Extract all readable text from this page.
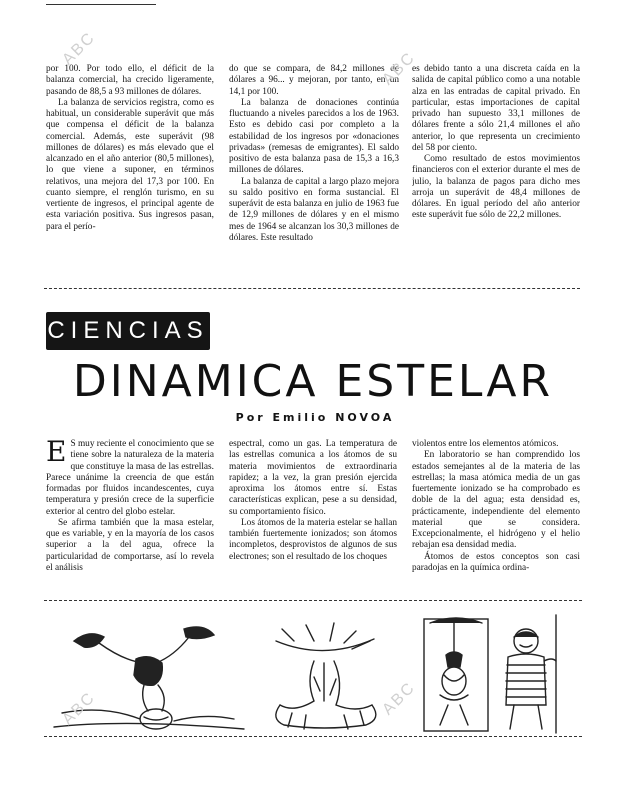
por 100. Por todo ello, el déficit de la balanza comercial, ha crecido ligeramente, pasando de 88,5 a 93 millones de dólares.

La balanza de servicios registra, como es habitual, un considerable superávit que más que compensa el déficit de la balanza comercial. Además, este superávit (98 millones de dólares) es más elevado que el alcanzado en el año anterior (80,5 millones), lo que viene a suponer, en términos relativos, una mejora del 17,3 por 100. En cuanto siempre, el renglón turismo, en su vertiente de ingresos, el principal agente de esta variación positiva. Sus ingresos pasan, para el perío-

do que se compara, de 84,2 millones de dólares a 96... y mejoran, por tanto, en un 14,1 por 100.

La balanza de donaciones continúa fluctuando a niveles parecidos a los de 1963. Esto es debido casi por completo a la estabilidad de los ingresos por «donaciones privadas» (remesas de emigrantes). El saldo positivo de esta balanza pasa de 15,3 a 16,3 millones de dólares.

La balanza de capital a largo plazo mejora su saldo positivo en forma sustancial. El superávit de esta balanza en julio de 1963 fue de 12,9 millones de dólares y en el mismo mes de 1964 se alcanzan los 30,3 millones de dólares. Este resultado

es debido tanto a una discreta caída en la salida de capital público como a una notable alza en las entradas de capital privado. En particular, estas importaciones de capital privado han supuesto 33,1 millones de dólares frente a sólo 21,4 millones el año anterior, lo que representa un crecimiento del 58 por ciento.

Como resultado de estos movimientos financieros con el exterior durante el mes de julio, la balanza de pagos para dicho mes arroja un superávit de 48,4 millones de dólares. En igual período del año anterior este superávit fue sólo de 22,2 millones.

CIENCIAS
DINAMICA ESTELAR
Por Emilio NOVOA

E S muy reciente el conocimiento que se tiene sobre la naturaleza de la materia que constituye la masa de las estrellas. Parece unánime la creencia de que están formadas por fluidos incandescentes, cuya temperatura y presión crece de la superficie exterior al centro del globo estelar.

Se afirma también que la masa estelar, que es variable, y en la mayoría de los casos superior a la del agua, ofrece la particularidad de comportarse, así lo revela el análisis

espectral, como un gas. La temperatura de las estrellas comunica a los átomos de su materia movimientos de extraordinaria rapidez; a la vez, la gran presión ejercida aproxima los átomos entre sí. Estas características explican, pese a su densidad, su comportamiento físico.

Los átomos de la materia estelar se hallan también fuertemente ionizados; son átomos incompletos, desprovistos de algunos de sus electrones; son el resultado de los choques

violentos entre los elementos atómicos.

En laboratorio se han comprendido los estados semejantes al de la materia de las estrellas; la masa atómica media de un gas fuertemente ionizado se ha comprobado es doble de la del agua; esta densidad es, prácticamente, independiente del elemento material que se considera. Excepcionalmente, el hidrógeno y el helio rebajan esa densidad media.

Átomos de estos conceptos son casi paradojas en la química ordina-

ABC
ABC
ABC	ABC
